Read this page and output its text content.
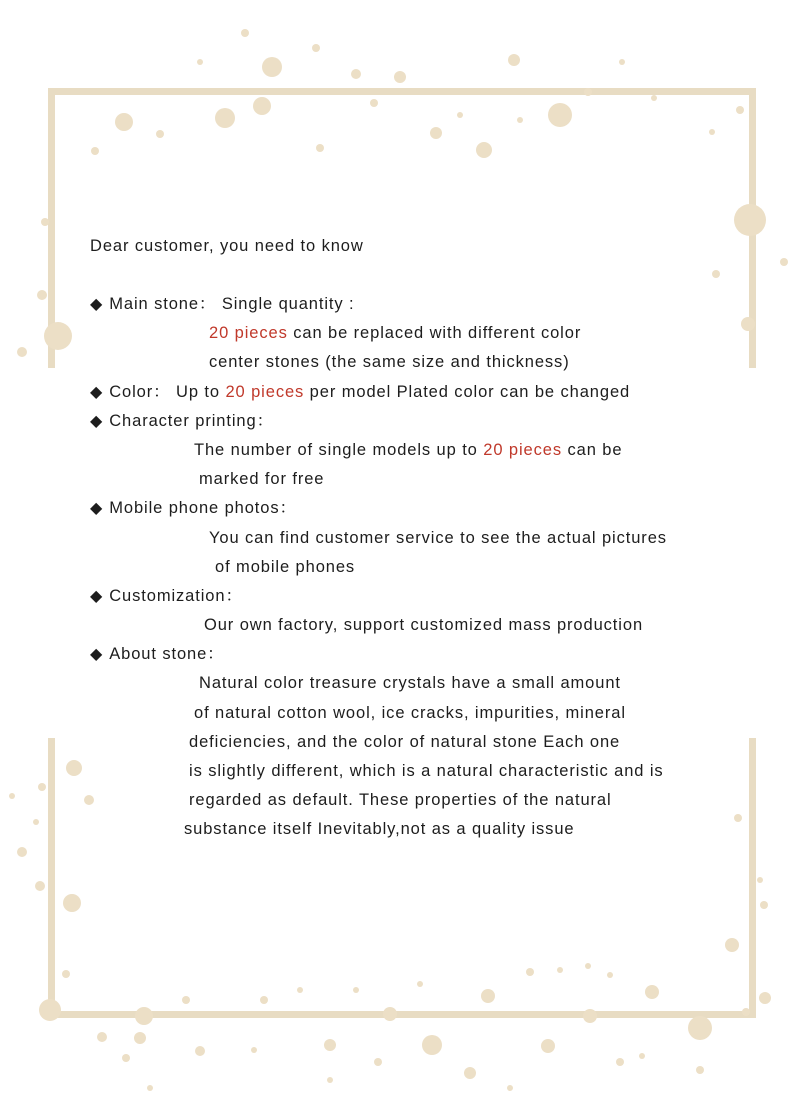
Dear customer, you need to know
◆ Main stone： Single quantity :
20 pieces can be replaced with different color
center stones (the same size and thickness)
◆ Color： Up to 20 pieces per model Plated color can be changed
◆ Character printing：
The number of single models up to 20 pieces can be
marked for free
◆ Mobile phone photos：
You can find customer service to see the actual pictures
of mobile phones
◆ Customization：
Our own factory, support customized mass production
◆ About stone：
Natural color treasure crystals have a small amount
of natural cotton wool, ice cracks, impurities, mineral
deficiencies, and the color of natural stone Each one
is slightly different, which is a natural characteristic and is
regarded as default. These properties of the natural
substance itself Inevitably,not as a quality issue
